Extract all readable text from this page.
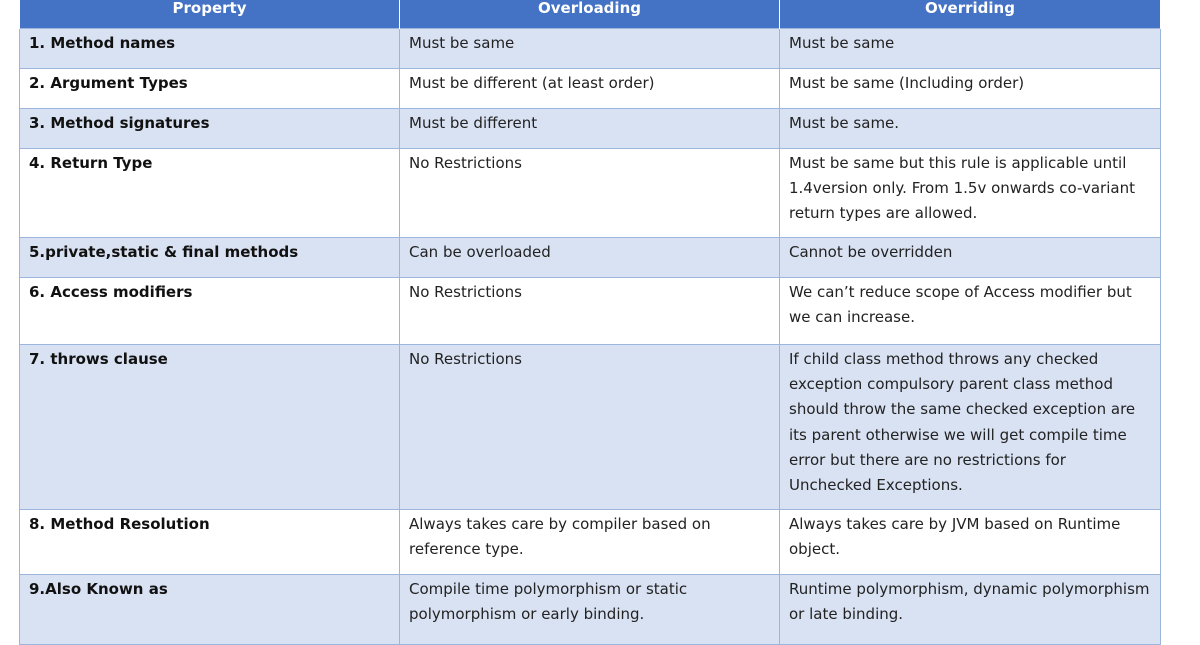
Property	Overloading	Overriding
1. Method names	Must be same	Must be same
2. Argument Types	Must be different (at least order)	Must be same (Including order)
3. Method signatures	Must be different	Must be same.
4. Return Type	No Restrictions	Must be same but this rule is applicable until 1.4version only. From 1.5v onwards co-variant return types are allowed.
5.private,static & final methods	Can be overloaded	Cannot be overridden
6. Access modifiers	No Restrictions	We can’t reduce scope of Access modifier but we can increase.
7. throws clause	No Restrictions	If child class method throws any checked exception compulsory parent class method should throw the same checked exception are its parent otherwise we will get compile time error but there are no restrictions for Unchecked Exceptions.
8. Method Resolution	Always takes care by compiler based on reference type.	Always takes care by JVM based on Runtime object.
9.Also Known as	Compile time polymorphism or static polymorphism or early binding.	Runtime polymorphism, dynamic polymorphism or late binding.
